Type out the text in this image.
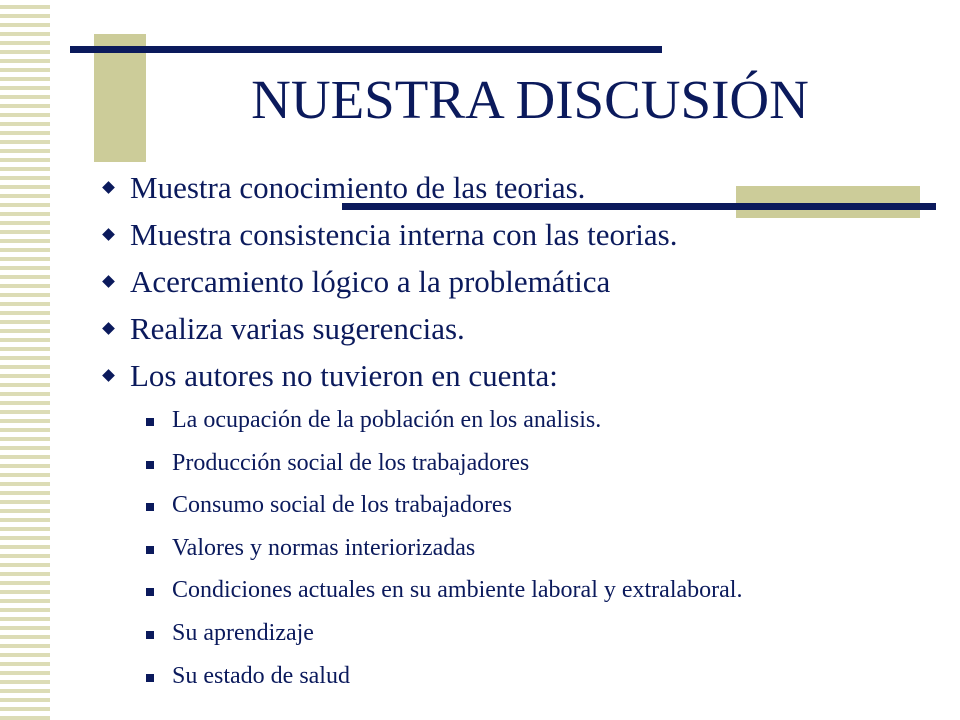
NUESTRA DISCUSIÓN
Muestra conocimiento de las teorias.
Muestra consistencia interna con las teorias.
Acercamiento lógico a la problemática
Realiza varias sugerencias.
Los autores no tuvieron en cuenta:
La ocupación de la población en los analisis.
Producción social de los trabajadores
Consumo social de los trabajadores
Valores y normas interiorizadas
Condiciones actuales en su ambiente laboral y extralaboral.
Su aprendizaje
Su estado de salud
